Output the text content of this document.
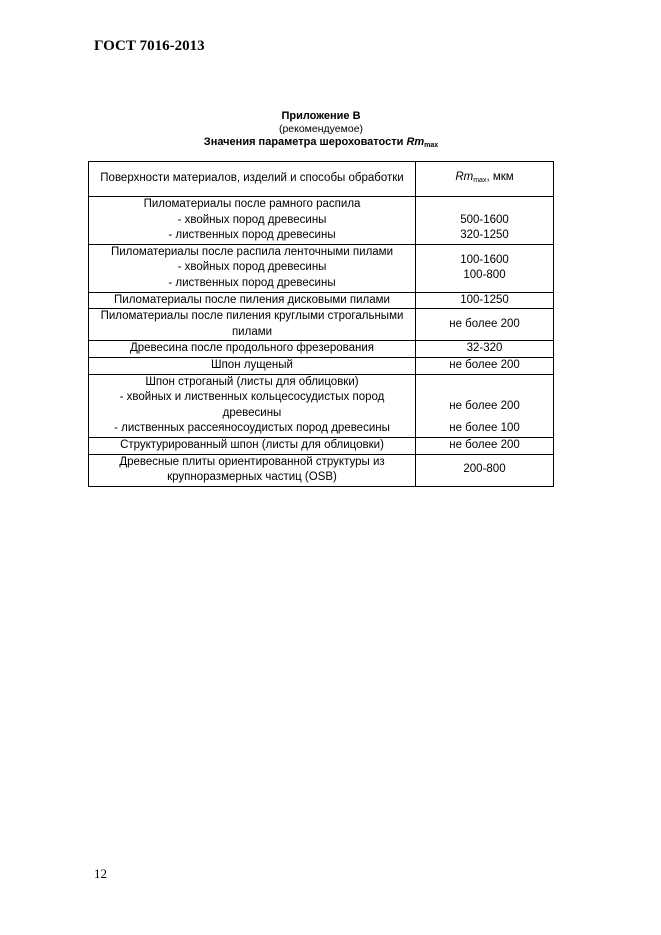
ГОСТ 7016-2013
Приложение В
(рекомендуемое)
Значения параметра шероховатости $Rm_{max}$
Поверхности материалов, изделий и способы обработки	$Rm_{max}$, мкм

Пиломатериалы после рамного распила
- хвойных пород древесины
- лиственных пород древесины	500-1600
320-1250

Пиломатериалы после распила ленточными пилами
- хвойных пород древесины
- лиственных пород древесины	100-1600
100-800

Пиломатериалы после пиления дисковыми пилами	100-1250
Пиломатериалы после пиления круглыми строгальными пилами	не более 200
Древесина после продольного фрезерования	32-320
Шпон лущеный	не более 200

Шпон строганый (листы для облицовки)
- хвойных и лиственных кольцесосудистых пород древесины
- лиственных рассеяносоудистых пород древесины	не более 200
не более 100

Структурированный шпон (листы для облицовки)	не более 200
Древесные плиты ориентированной структуры из крупноразмерных частиц (OSB)	200-800
12
